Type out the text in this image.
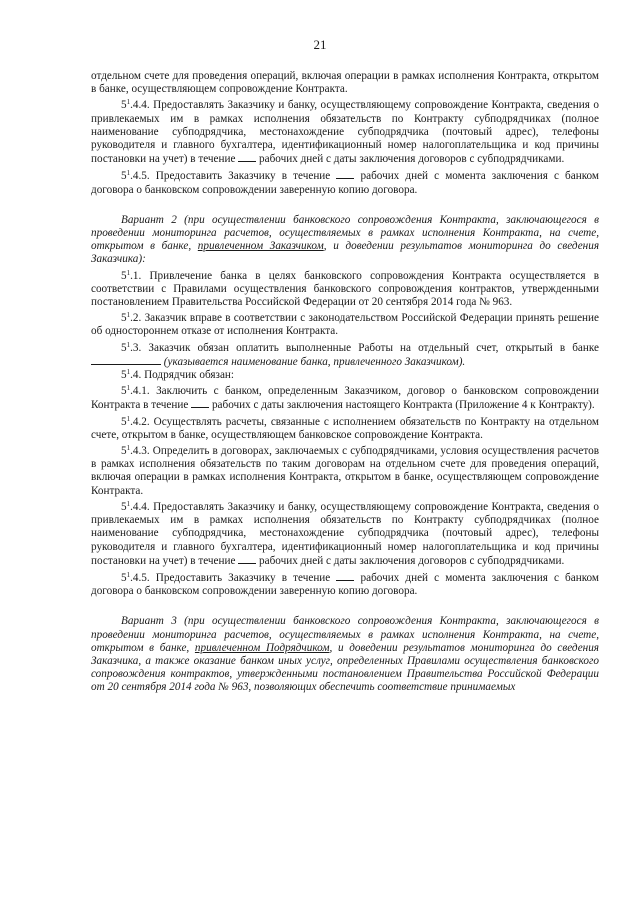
21

отдельном счете для проведения операций, включая операции в рамках исполнения Контракта, открытом в банке, осуществляющем сопровождение Контракта.

$5^1.4.4$. Предоставлять Заказчику и банку, осуществляющему сопровождение Контракта, сведения о привлекаемых им в рамках исполнения обязательств по Контракту субподрядчиках (полное наименование субподрядчика, местонахождение субподрядчика (почтовый адрес), телефоны руководителя и главного бухгалтера, идентификационный номер налогоплательщика и код причины постановки на учет) в течение рабочих дней с даты заключения договоров с субподрядчиками.

$5^1.4.5$. Предоставить Заказчику в течение	рабочих дней с момента заключения с банком договора о банковском сопровождении заверенную копию договора.

Вариант 2 (при осуществлении банковского сопровождения Контракта, заключающегося в проведении мониторинга расчетов, осуществляемых в рамках исполнения Контракта, на счете, открытом в банке, привлеченном Заказчиком, и доведении результатов мониторинга до сведения Заказчика):

$5^1.1$. Привлечение банка в целях банковского сопровождения Контракта осуществляется в соответствии с Правилами осуществления банковского сопровождения контрактов, утвержденными постановлением Правительства Российской Федерации от 20 сентября 2014 года № 963.

$5^1.2$. Заказчик вправе в соответствии с законодательством Российской Федерации принять решение об одностороннем отказе от исполнения Контракта.

$5^1.3$. Заказчик обязан оплатить выполненные Работы на отдельный счет, открытый в банке  (указывается наименование банка, привлеченного Заказчиком).

$5^1.4$. Подрядчик обязан:

$5^1.4.1$. Заключить с банком, определенным Заказчиком, договор о банковском сопровождении Контракта в течение рабочих с даты заключения настоящего Контракта (Приложение 4 к Контракту).

$5^1.4.2$. Осуществлять расчеты, связанные с исполнением обязательств по Контракту на отдельном счете, открытом в банке, осуществляющем банковское сопровождение Контракта.

$5^1.4.3$. Определить в договорах, заключаемых с субподрядчиками, условия осуществления расчетов в рамках исполнения обязательств по таким договорам на отдельном счете для проведения операций, включая операции в рамках исполнения Контракта, открытом в банке, осуществляющем сопровождение Контракта.

$5^1.4.4$. Предоставлять Заказчику и банку, осуществляющему сопровождение Контракта, сведения о привлекаемых им в рамках исполнения обязательств по Контракту субподрядчиках (полное наименование субподрядчика, местонахождение субподрядчика (почтовый адрес), телефоны руководителя и главного бухгалтера, идентификационный номер налогоплательщика и код причины постановки на учет) в течение рабочих дней с даты заключения договоров с субподрядчиками.

$5^1.4.5$. Предоставить Заказчику в течение	рабочих дней с момента заключения с банком договора о банковском сопровождении заверенную копию договора.

Вариант 3 (при осуществлении банковского сопровождения Контракта, заключающегося в проведении мониторинга расчетов, осуществляемых в рамках исполнения Контракта, на счете, открытом в банке, привлеченном Подрядчиком, и доведении результатов мониторинга до сведения Заказчика, а также оказание банком иных услуг, определенных Правилами осуществления банковского сопровождения контрактов, утвержденными постановлением Правительства Российской Федерации от 20 сентября 2014 года № 963, позволяющих обеспечить соответствие принимаемых
